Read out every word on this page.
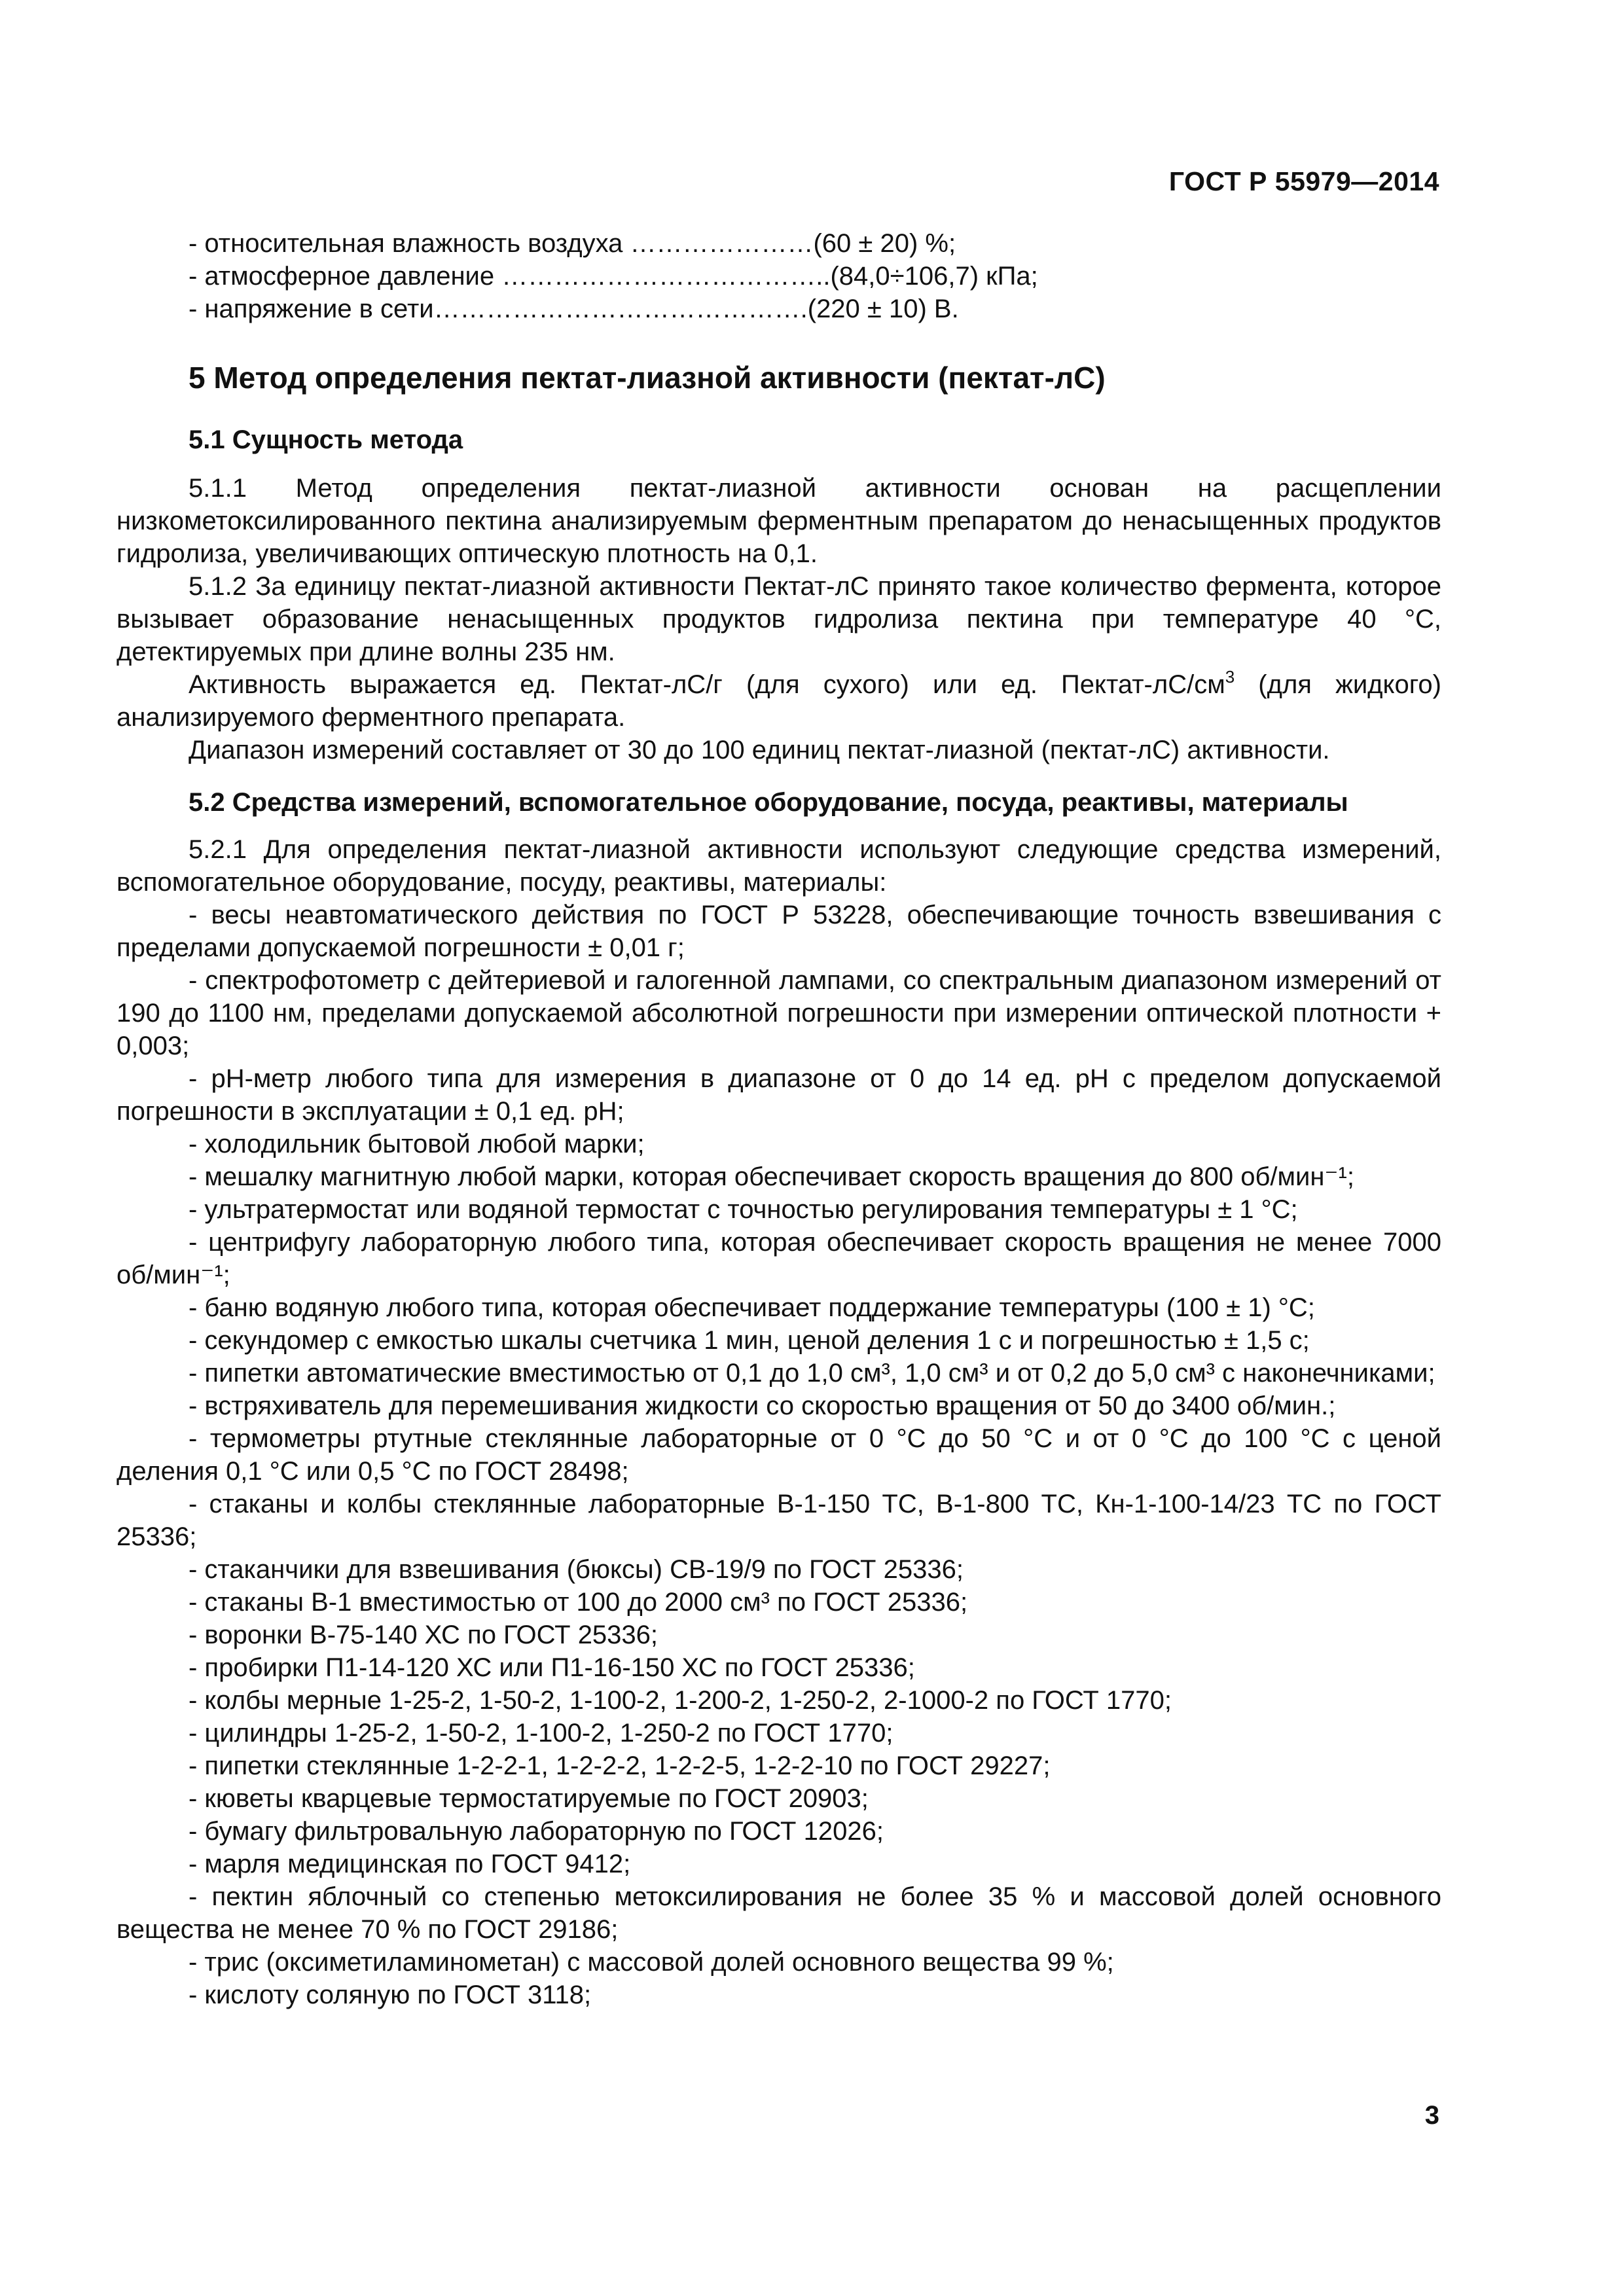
ГОСТ Р 55979—2014
- относительная влажность воздуха …………………(60 ± 20) %;
- атмосферное давление ………………………………..(84,0÷106,7) кПа;
- напряжение в сети…………………………………….(220 ± 10) В.
5 Метод определения пектат-лиазной активности (пектат-лС)
5.1 Сущность метода

5.1.1 Метод определения пектат-лиазной активности основан на расщеплении низкометоксилированного пектина анализируемым ферментным препаратом до ненасыщенных продуктов гидролиза, увеличивающих оптическую плотность на 0,1.

5.1.2 За единицу пектат-лиазной активности Пектат-лС принято такое количество фермента, которое вызывает образование ненасыщенных продуктов гидролиза пектина при температуре 40 °С, детектируемых при длине волны 235 нм.

Активность выражается ед. Пектат-лС/г (для сухого) или ед. Пектат-$лС/см^3$ (для жидкого) анализируемого ферментного препарата.

Диапазон измерений составляет от 30 до 100 единиц пектат-лиазной (пектат-лС) активности.

5.2 Средства измерений, вспомогательное оборудование, посуда, реактивы, материалы

5.2.1 Для определения пектат-лиазной активности используют следующие средства измерений, вспомогательное оборудование, посуду, реактивы, материалы:

- весы неавтоматического действия по ГОСТ Р 53228, обеспечивающие точность взвешивания с пределами допускаемой погрешности ± 0,01 г;

- спектрофотометр с дейтериевой и галогенной лампами, со спектральным диапазоном измерений от 190 до 1100 нм, пределами допускаемой абсолютной погрешности при измерении оптической плотности + 0,003;

- рН-метр любого типа для измерения в диапазоне от 0 до 14 ед. рН с пределом допускаемой погрешности в эксплуатации ± 0,1 ед. рН;

- холодильник бытовой любой марки;

- мешалку магнитную любой марки, которая обеспечивает скорость вращения до 800 об/мин⁻¹;

- ультратермостат или водяной термостат с точностью регулирования температуры ± 1 °С;

- центрифугу лабораторную любого типа, которая обеспечивает скорость вращения не менее 7000 об/мин⁻¹;

- баню водяную любого типа, которая обеспечивает поддержание температуры (100 ± 1) °С;

- секундомер с емкостью шкалы счетчика 1 мин, ценой деления 1 с и погрешностью ± 1,5 с;

- пипетки автоматические вместимостью от 0,1 до 1,0 см³, 1,0 см³ и от 0,2 до 5,0 см³ с наконечниками;

- встряхиватель для перемешивания жидкости со скоростью вращения от 50 до 3400 об/мин.;

- термометры ртутные стеклянные лабораторные от 0 °С до 50 °С и от 0 °С до 100 °С с ценой деления 0,1 °С или 0,5 °С по ГОСТ 28498;

- стаканы и колбы стеклянные лабораторные В-1-150 ТС, В-1-800 ТС, Кн-1-100-14/23 ТС по ГОСТ 25336;

- стаканчики для взвешивания (бюксы) СВ-19/9 по ГОСТ 25336;

- стаканы В-1 вместимостью от 100 до 2000 см³ по ГОСТ 25336;

- воронки В-75-140 ХС по ГОСТ 25336;

- пробирки П1-14-120 ХС или П1-16-150 ХС по ГОСТ 25336;

- колбы мерные 1-25-2, 1-50-2, 1-100-2, 1-200-2, 1-250-2, 2-1000-2 по ГОСТ 1770;

- цилиндры 1-25-2, 1-50-2, 1-100-2, 1-250-2 по ГОСТ 1770;

- пипетки стеклянные 1-2-2-1, 1-2-2-2, 1-2-2-5, 1-2-2-10 по ГОСТ 29227;

- кюветы кварцевые термостатируемые по ГОСТ 20903;

- бумагу фильтровальную лабораторную по ГОСТ 12026;

- марля медицинская по ГОСТ 9412;

- пектин яблочный со степенью метоксилирования не более 35 % и массовой долей основного вещества не менее 70 % по ГОСТ 29186;

- трис (оксиметиламинометан) с массовой долей основного вещества 99 %;

- кислоту соляную по ГОСТ 3118;

3
